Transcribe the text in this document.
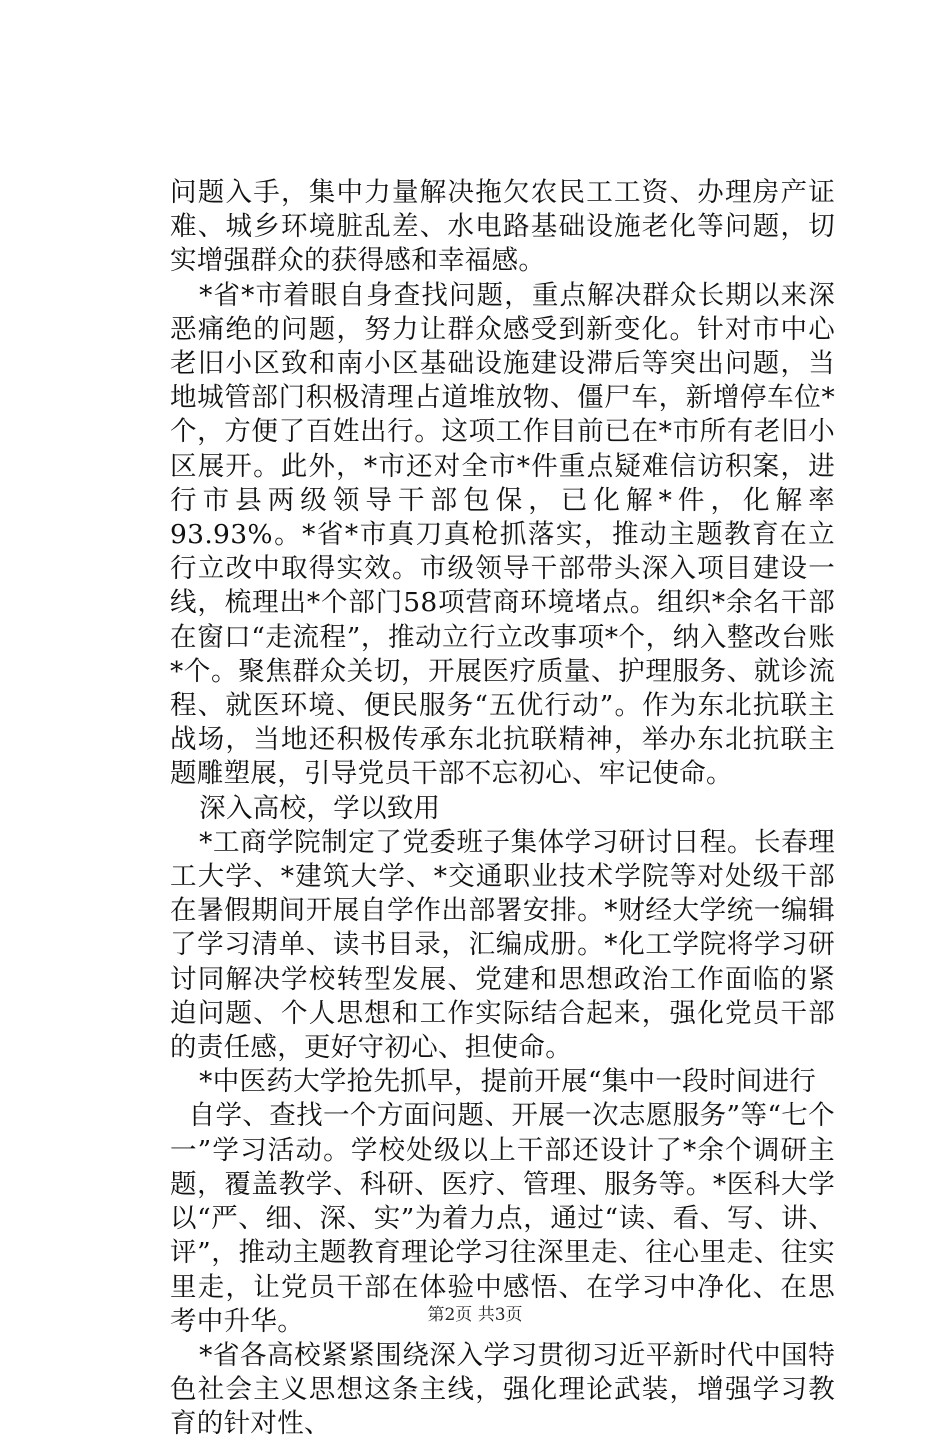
问题入手，集中力量解决拖欠农民工工资、办理房产证难、城乡环境脏乱差、水电路基础设施老化等问题，切实增强群众的获得感和幸福感。

*省*市着眼自身查找问题，重点解决群众长期以来深恶痛绝的问题，努力让群众感受到新变化。针对市中心老旧小区致和南小区基础设施建设滞后等突出问题，当地城管部门积极清理占道堆放物、僵尸车，新增停车位*个，方便了百姓出行。这项工作目前已在*市所有老旧小区展开。此外，*市还对全市*件重点疑难信访积案，进行市县两级领导干部包保，已化解*件，化解率93.93%。*省*市真刀真枪抓落实，推动主题教育在立行立改中取得实效。市级领导干部带头深入项目建设一线，梳理出*个部门58项营商环境堵点。组织*余名干部在窗口“走流程”，推动立行立改事项*个，纳入整改台账*个。聚焦群众关切，开展医疗质量、护理服务、就诊流程、就医环境、便民服务“五优行动”。作为东北抗联主战场，当地还积极传承东北抗联精神，举办东北抗联主题雕塑展，引导党员干部不忘初心、牢记使命。

深入高校，学以致用

*工商学院制定了党委班子集体学习研讨日程。长春理工大学、*建筑大学、*交通职业技术学院等对处级干部在暑假期间开展自学作出部署安排。*财经大学统一编辑了学习清单、读书目录，汇编成册。*化工学院将学习研讨同解决学校转型发展、党建和思想政治工作面临的紧迫问题、个人思想和工作实际结合起来，强化党员干部的责任感，更好守初心、担使命。

*中医药大学抢先抓早，提前开展“集中一段时间进行

自学、查找一个方面问题、开展一次志愿服务”等“七个一”学习活动。学校处级以上干部还设计了*余个调研主题，覆盖教学、科研、医疗、管理、服务等。*医科大学以“严、细、深、实”为着力点，通过“读、看、写、讲、评”，推动主题教育理论学习往深里走、往心里走、往实里走，让党员干部在体验中感悟、在学习中净化、在思考中升华。

*省各高校紧紧围绕深入学习贯彻习近平新时代中国特色社会主义思想这条主线，强化理论武装，增强学习教育的针对性、

第2页 共3页
